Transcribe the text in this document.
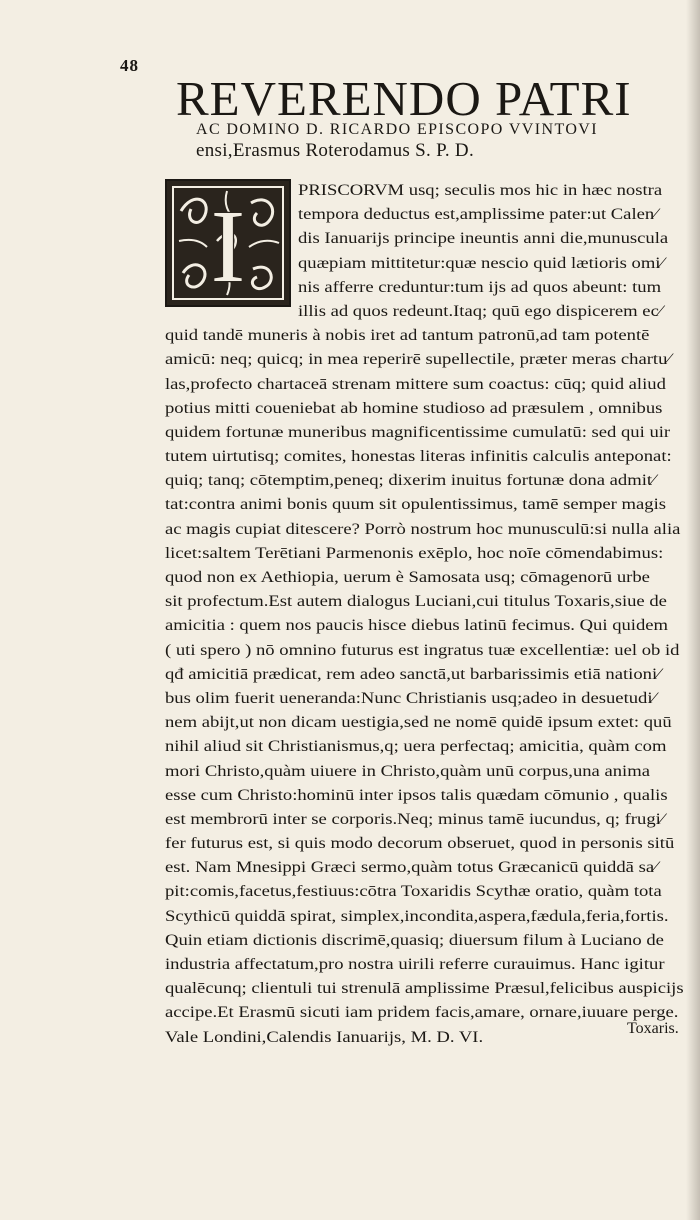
48
REVERENDO PATRI
AC DOMINO D. RICARDO EPISCOPO VVINTOVI
ensi,Erasmus Roterodamus S. P. D.
I	PRISCORVM usq; seculis mos hic in hæc nostra
tempora deductus est,amplissime pater:ut Calen⁄
dis Ianuarijs principe ineuntis anni die,munuscula
quæpiam mittitetur:quæ nescio quid lætioris omi⁄
nis afferre creduntur:tum ijs ad quos abeunt: tum
illis ad quos redeunt.Itaq; quū ego dispicerem ec⁄
quid tandē muneris à nobis iret ad tantum patronū,ad tam potentē
amicū: neq; quicq; in mea reperirē supellectile, præter meras chartu⁄
las,profecto chartaceā strenam mittere sum coactus: cūq; quid aliud
potius mitti coueniebat ab homine studioso ad præsulem , omnibus
quidem fortunæ muneribus magnificentissime cumulatū: sed qui uir
tutem uirtutisq; comites, honestas literas infinitis calculis anteponat:
quiq; tanq; cōtemptim,peneq; dixerim inuitus fortunæ dona admit⁄
tat:contra animi bonis quum sit opulentissimus, tamē semper magis
ac magis cupiat ditescere? Porrò nostrum hoc munusculū:si nulla alia
licet:saltem Terētiani Parmenonis exēplo, hoc noīe cōmendabimus:
quod non ex Aethiopia, uerum è Samosata usq; cōmagenorū urbe
sit profectum.Est autem dialogus Luciani,cui titulus Toxaris,siue de
amicitia : quem nos paucis hisce diebus latinū fecimus. Qui quidem
( uti spero ) nō omnino futurus est ingratus tuæ excellentiæ: uel ob id
qđ amicitiā prædicat, rem adeo sanctā,ut barbarissimis etiā nationi⁄
bus olim fuerit ueneranda:Nunc Christianis usq;adeo in desuetudi⁄
nem abijt,ut non dicam uestigia,sed ne nomē quidē ipsum extet: quū
nihil aliud sit Christianismus,q; uera perfectaq; amicitia, quàm com
mori Christo,quàm uiuere in Christo,quàm unū corpus,una anima
esse cum Christo:hominū inter ipsos talis quædam cōmunio , qualis
est membrorū inter se corporis.Neq; minus tamē iucundus, q; frugi⁄
fer futurus est, si quis modo decorum obseruet, quod in personis sitū
est. Nam Mnesippi Græci sermo,quàm totus Græcanicū quiddā sa⁄
pit:comis,facetus,festiuus:cōtra Toxaridis Scythæ oratio, quàm tota
Scythicū quiddā spirat, simplex,incondita,aspera,fædula,feria,fortis.
Quin etiam dictionis discrimē,quasiq; diuersum filum à Luciano de
industria affectatum,pro nostra uirili referre curauimus. Hanc igitur
qualēcunq; clientuli tui strenulā amplissime Præsul,felicibus auspicijs
accipe.Et Erasmū sicuti iam pridem facis,amare, ornare,iuuare perge.
Vale Londini,Calendis Ianuarijs, M. D. VI.	Toxaris.
